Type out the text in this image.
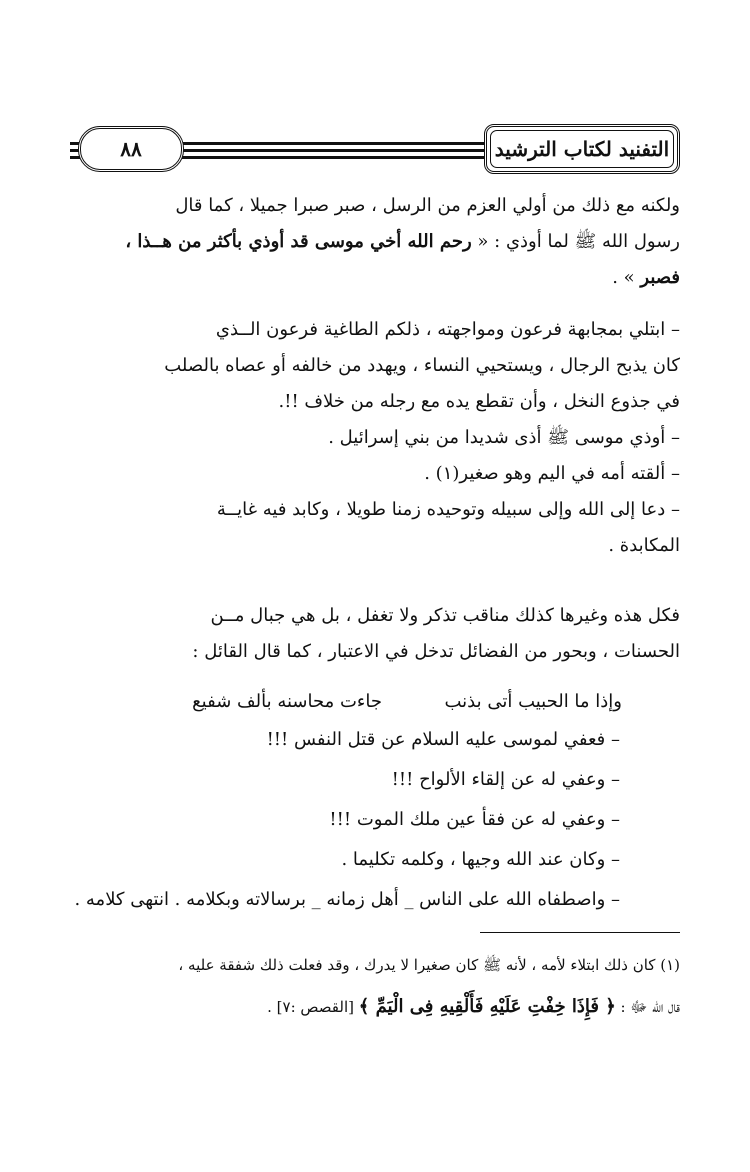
التفنيد لكتاب الترشيد
٨٨
ولكنه مع ذلك من أولي العزم من الرسل ، صبر صبرا جميلا ، كما قال
رسول الله ﷺ لما أوذي : « رحم الله أخي موسى قد أوذي بأكثر من هــذا ،
فصبر » .
– ابتلي بمجابهة فرعون ومواجهته ، ذلكم الطاغية فرعون الــذي
كان يذبح الرجال ، ويستحيي النساء ، ويهدد من خالفه أو عصاه بالصلب
في جذوع النخل ، وأن تقطع يده مع رجله من خلاف !!.
– أوذي موسى ﷺ أذى شديدا من بني إسرائيل .
– ألقته أمه في اليم وهو صغير(١) .
– دعا إلى الله وإلى سبيله وتوحيده زمنا طويلا ، وكابد فيه غايــة
المكابدة .
فكل هذه وغيرها كذلك مناقب تذكر ولا تغفل ، بل هي جبال مــن
الحسنات ، وبحور من الفضائل تدخل في الاعتبار ، كما قال القائل :
وإذا ما الحبيب أتى بذنبجاءت محاسنه بألف شفيع
– فعفي لموسى عليه السلام عن قتل النفس !!!
– وعفي له عن إلقاء الألواح !!!
– وعفي له عن فقأ عين ملك الموت !!!
– وكان عند الله وجيها ، وكلمه تكليما .
– واصطفاه الله على الناس _ أهل زمانه _ برسالاته وبكلامه . انتهى كلامه .
(١) كان ذلك ابتلاء لأمه ، لأنه ﷺ كان صغيرا لا يدرك ، وقد فعلت ذلك شفقة عليه ،
قال الله ﷻ : ﴿ فَإِذَا خِفْتِ عَلَيْهِ فَأَلْقِيهِ فِى الْيَمِّ ﴾ [القصص :٧] .
